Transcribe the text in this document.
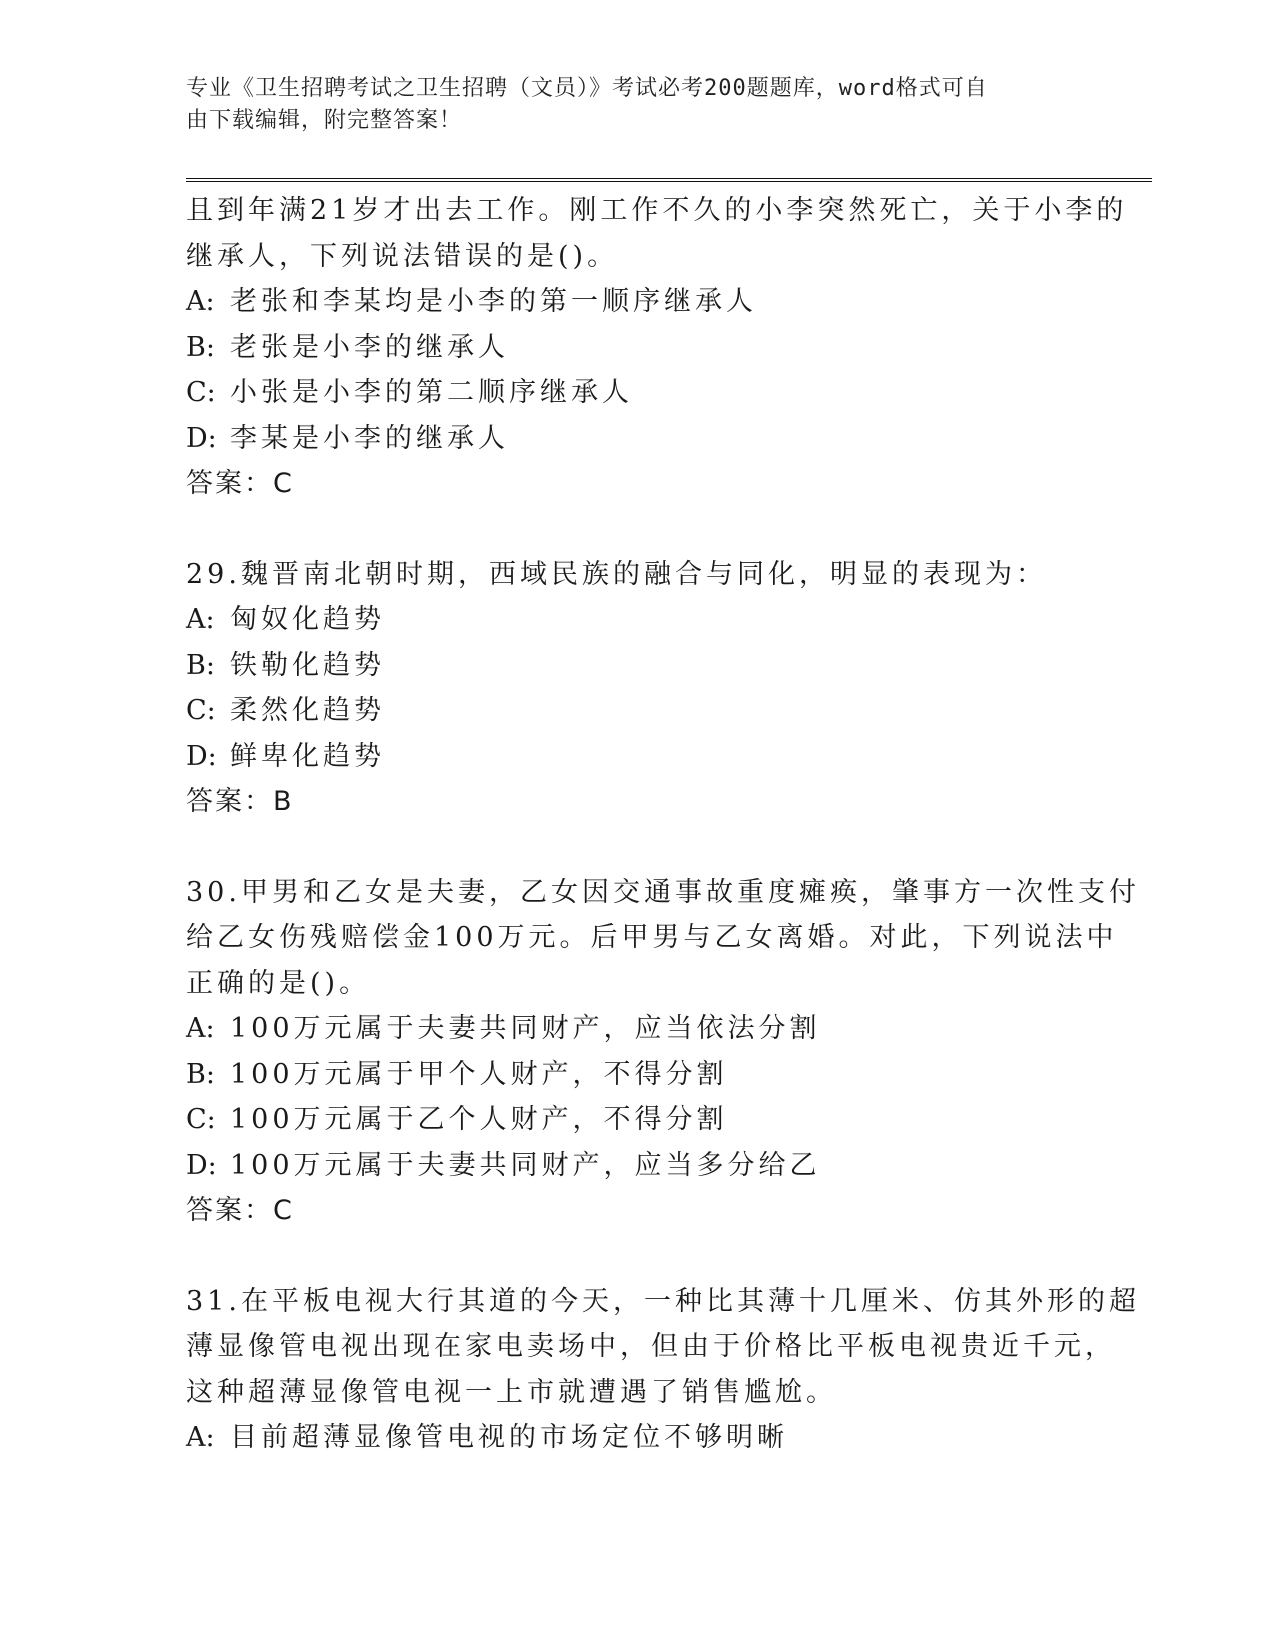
专业《卫生招聘考试之卫生招聘（文员）》考试必考200题题库，word格式可自
由下载编辑，附完整答案！
且到年满21岁才出去工作。刚工作不久的小李突然死亡，关于小李的
继承人，下列说法错误的是()。
A: 老张和李某均是小李的第一顺序继承人
B: 老张是小李的继承人
C: 小张是小李的第二顺序继承人
D: 李某是小李的继承人
答案：C
29.魏晋南北朝时期，西域民族的融合与同化，明显的表现为：
A: 匈奴化趋势
B: 铁勒化趋势
C: 柔然化趋势
D: 鲜卑化趋势
答案：B
30.甲男和乙女是夫妻，乙女因交通事故重度瘫痪，肇事方一次性支付
给乙女伤残赔偿金100万元。后甲男与乙女离婚。对此，下列说法中
正确的是()。
A: 100万元属于夫妻共同财产，应当依法分割
B: 100万元属于甲个人财产，不得分割
C: 100万元属于乙个人财产，不得分割
D: 100万元属于夫妻共同财产，应当多分给乙
答案：C
31.在平板电视大行其道的今天，一种比其薄十几厘米、仿其外形的超
薄显像管电视出现在家电卖场中，但由于价格比平板电视贵近千元，
这种超薄显像管电视一上市就遭遇了销售尴尬。
A: 目前超薄显像管电视的市场定位不够明晰
